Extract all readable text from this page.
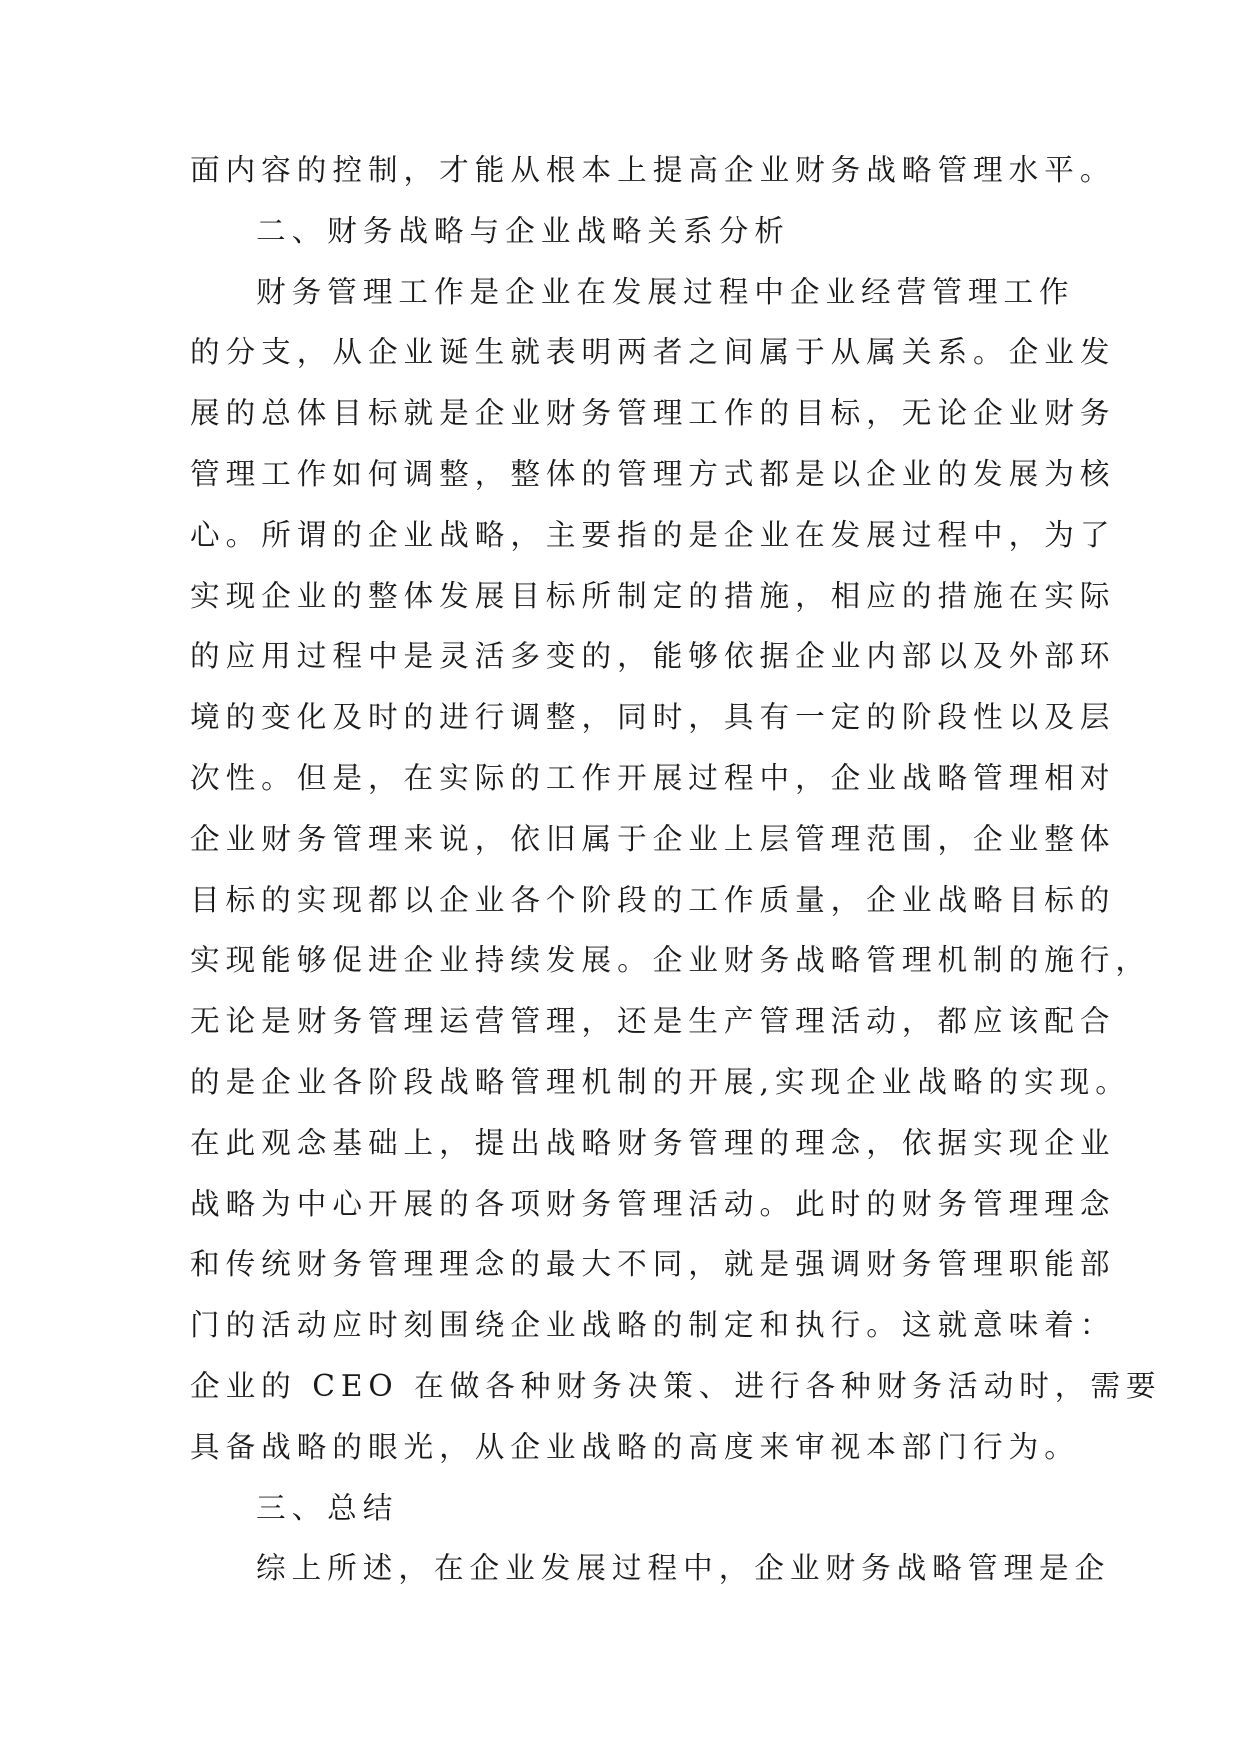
面内容的控制，才能从根本上提高企业财务战略管理水平。
二、财务战略与企业战略关系分析
财务管理工作是企业在发展过程中企业经营管理工作
的分支，从企业诞生就表明两者之间属于从属关系。企业发
展的总体目标就是企业财务管理工作的目标，无论企业财务
管理工作如何调整，整体的管理方式都是以企业的发展为核
心。所谓的企业战略，主要指的是企业在发展过程中，为了
实现企业的整体发展目标所制定的措施，相应的措施在实际
的应用过程中是灵活多变的，能够依据企业内部以及外部环
境的变化及时的进行调整，同时，具有一定的阶段性以及层
次性。但是，在实际的工作开展过程中，企业战略管理相对
企业财务管理来说，依旧属于企业上层管理范围，企业整体
目标的实现都以企业各个阶段的工作质量，企业战略目标的
实现能够促进企业持续发展。企业财务战略管理机制的施行，
无论是财务管理运营管理，还是生产管理活动，都应该配合
的是企业各阶段战略管理机制的开展,实现企业战略的实现。
在此观念基础上，提出战略财务管理的理念，依据实现企业
战略为中心开展的各项财务管理活动。此时的财务管理理念
和传统财务管理理念的最大不同，就是强调财务管理职能部
门的活动应时刻围绕企业战略的制定和执行。这就意味着：
企业的 CEO 在做各种财务决策、进行各种财务活动时，需要
具备战略的眼光，从企业战略的高度来审视本部门行为。
三、总结
综上所述，在企业发展过程中，企业财务战略管理是企
